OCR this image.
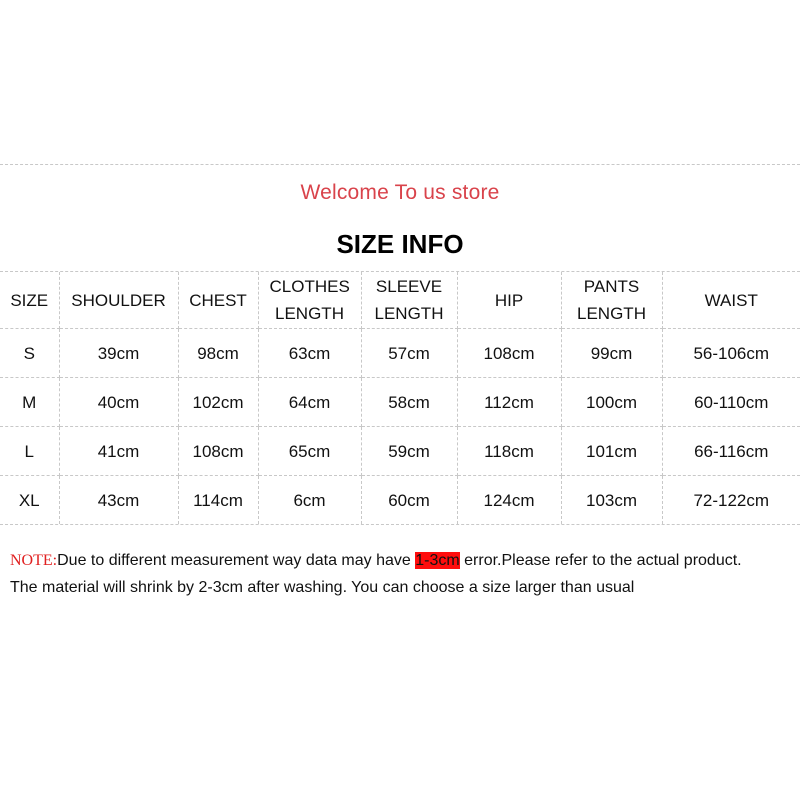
Welcome To us store
SIZE INFO
SIZE	SHOULDER	CHEST	CLOTHES LENGTH	SLEEVE LENGTH	HIP	PANTS LENGTH	WAIST
S	39cm	98cm	63cm	57cm	108cm	99cm	56-106cm
M	40cm	102cm	64cm	58cm	112cm	100cm	60-110cm
L	41cm	108cm	65cm	59cm	118cm	101cm	66-116cm
XL	43cm	114cm	6cm	60cm	124cm	103cm	72-122cm
NOTE:Due to different measurement way data may have 1-3cm error.Please refer to the actual product.
The material will shrink by 2-3cm after washing. You can choose a size larger than usual
